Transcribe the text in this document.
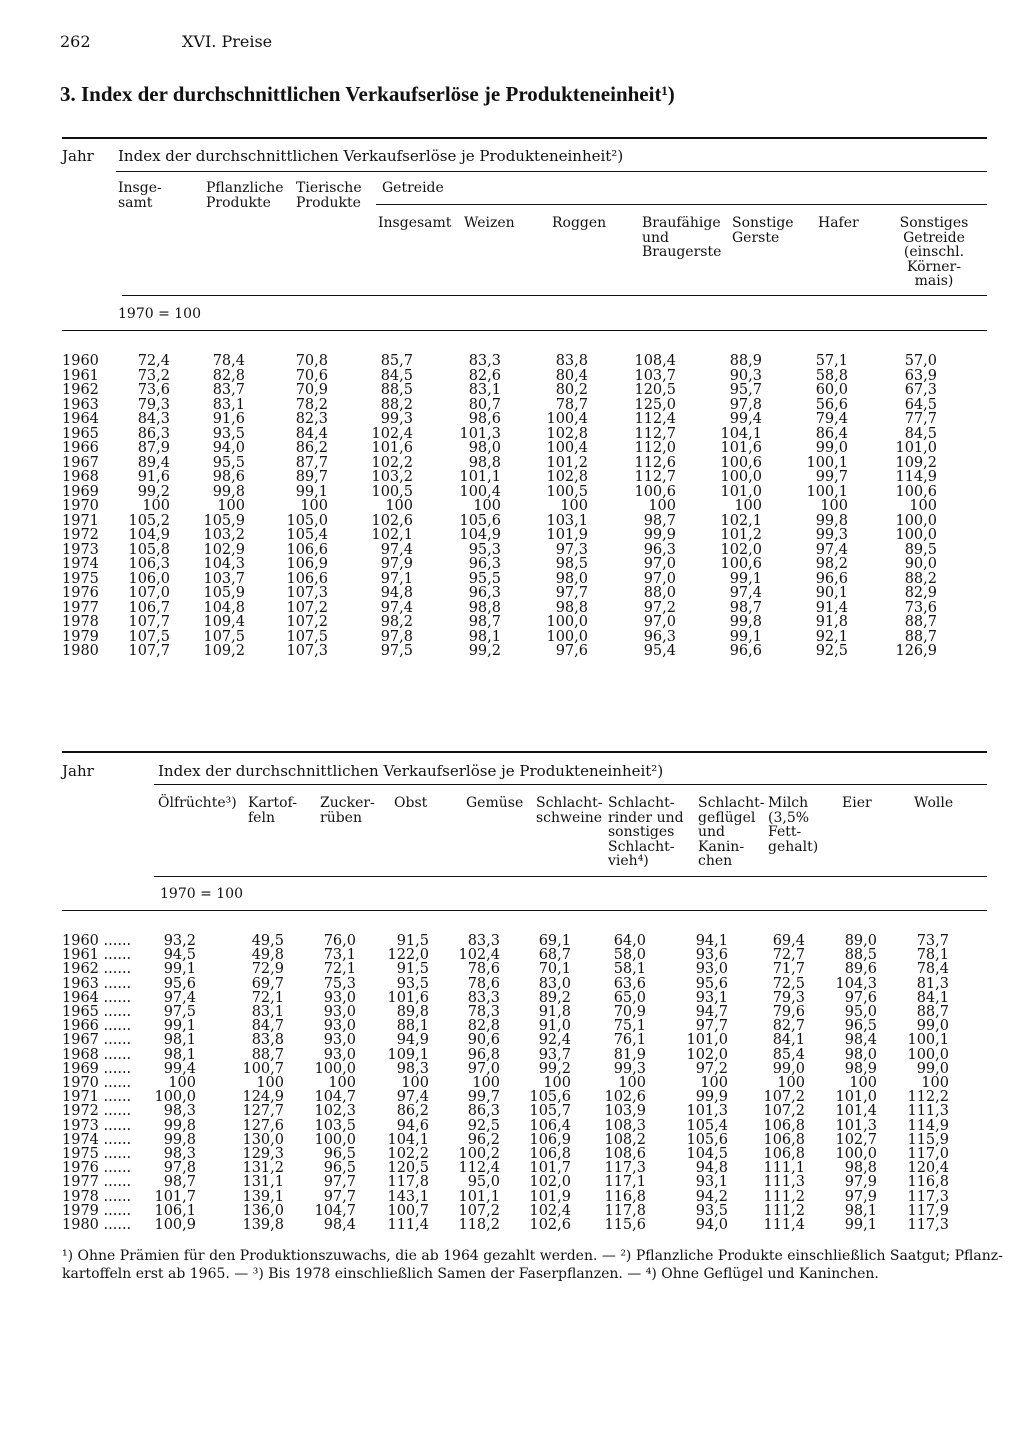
262	XVI. Preise
3. Index der durchschnittlichen Verkaufserlöse je Produkteneinheit¹)
Jahr Index der durchschnittlichen Verkaufserlöse je Produkteneinheit²)
Insge-
samt
Pflanzliche
Produkte
Tierische
Produkte
Getreide
Insgesamt Weizen	Roggen	Braufähige
und
Braugerste
Sonstige
Gerste
Hafer	Sonstiges
Getreide
(einschl.
Körner-
mais)
1970 = 100
1960	72,4	78,4	70,8	85,7	83,3	83,8	108,4	88,9	57,1	57,0
1961	73,2	82,8	70,6	84,5	82,6	80,4	103,7	90,3	58,8	63,9
1962	73,6	83,7	70,9	88,5	83,1	80,2	120,5	95,7	60,0	67,3
1963	79,3	83,1	78,2	88,2	80,7	78,7	125,0	97,8	56,6	64,5
1964	84,3	91,6	82,3	99,3	98,6	100,4	112,4	99,4	79,4	77,7
1965	86,3	93,5	84,4	102,4	101,3	102,8	112,7	104,1	86,4	84,5
1966	87,9	94,0	86,2	101,6	98,0	100,4	112,0	101,6	99,0	101,0
1967	89,4	95,5	87,7	102,2	98,8	101,2	112,6	100,6	100,1	109,2
1968	91,6	98,6	89,7	103,2	101,1	102,8	112,7	100,0	99,7	114,9
1969	99,2	99,8	99,1	100,5	100,4	100,5	100,6	101,0	100,1	100,6
1970	100	100	100	100	100	100	100	100	100	100
1971	105,2	105,9	105,0	102,6	105,6	103,1	98,7	102,1	99,8	100,0
1972	104,9	103,2	105,4	102,1	104,9	101,9	99,9	101,2	99,3	100,0
1973	105,8	102,9	106,6	97,4	95,3	97,3	96,3	102,0	97,4	89,5
1974	106,3	104,3	106,9	97,9	96,3	98,5	97,0	100,6	98,2	90,0
1975	106,0	103,7	106,6	97,1	95,5	98,0	97,0	99,1	96,6	88,2
1976	107,0	105,9	107,3	94,8	96,3	97,7	88,0	97,4	90,1	82,9
1977	106,7	104,8	107,2	97,4	98,8	98,8	97,2	98,7	91,4	73,6
1978	107,7	109,4	107,2	98,2	98,7	100,0	97,0	99,8	91,8	88,7
1979	107,5	107,5	107,5	97,8	98,1	100,0	96,3	99,1	92,1	88,7
1980	107,7	109,2	107,3	97,5	99,2	97,6	95,4	96,6	92,5	126,9
Jahr	Index der durchschnittlichen Verkaufserlöse je Produkteneinheit²)
Ölfrüchte³) Kartof-
feln
Zucker-
rüben
Obst	Gemüse Schlacht-
schweine
Schlacht-
rinder und
sonstiges
Schlacht-
vieh⁴)
Schlacht-
geflügel
und
Kanin-
chen
Milch
(3,5%
Fett-
gehalt)
Eier	Wolle
1970 = 100
1960 ......	93,2	49,5	76,0	91,5	83,3	69,1	64,0	94,1	69,4	89,0	73,7
1961 ......	94,5	49,8	73,1	122,0	102,4	68,7	58,0	93,6	72,7	88,5	78,1
1962 ......	99,1	72,9	72,1	91,5	78,6	70,1	58,1	93,0	71,7	89,6	78,4
1963 ......	95,6	69,7	75,3	93,5	78,6	83,0	63,6	95,6	72,5	104,3	81,3
1964 ......	97,4	72,1	93,0	101,6	83,3	89,2	65,0	93,1	79,3	97,6	84,1
1965 ......	97,5	83,1	93,0	89,8	78,3	91,8	70,9	94,7	79,6	95,0	88,7
1966 ......	99,1	84,7	93,0	88,1	82,8	91,0	75,1	97,7	82,7	96,5	99,0
1967 ......	98,1	83,8	93,0	94,9	90,6	92,4	76,1	101,0	84,1	98,4	100,1
1968 ......	98,1	88,7	93,0	109,1	96,8	93,7	81,9	102,0	85,4	98,0	100,0
1969 ......	99,4	100,7	100,0	98,3	97,0	99,2	99,3	97,2	99,0	98,9	99,0
1970 ......	100	100	100	100	100	100	100	100	100	100	100
1971 ......	100,0	124,9	104,7	97,4	99,7	105,6	102,6	99,9	107,2	101,0	112,2
1972 ......	98,3	127,7	102,3	86,2	86,3	105,7	103,9	101,3	107,2	101,4	111,3
1973 ......	99,8	127,6	103,5	94,6	92,5	106,4	108,3	105,4	106,8	101,3	114,9
1974 ......	99,8	130,0	100,0	104,1	96,2	106,9	108,2	105,6	106,8	102,7	115,9
1975 ......	98,3	129,3	96,5	102,2	100,2	106,8	108,6	104,5	106,8	100,0	117,0
1976 ......	97,8	131,2	96,5	120,5	112,4	101,7	117,3	94,8	111,1	98,8	120,4
1977 ......	98,7	131,1	97,7	117,8	95,0	102,0	117,1	93,1	111,3	97,9	116,8
1978 ......	101,7	139,1	97,7	143,1	101,1	101,9	116,8	94,2	111,2	97,9	117,3
1979 ......	106,1	136,0	104,7	100,7	107,2	102,4	117,8	93,5	111,2	98,1	117,9
1980 ......	100,9	139,8	98,4	111,4	118,2	102,6	115,6	94,0	111,4	99,1	117,3
¹) Ohne Prämien für den Produktionszuwachs, die ab 1964 gezahlt werden. — ²) Pflanzliche Produkte einschließlich Saatgut; Pflanz-
kartoffeln erst ab 1965. — ³) Bis 1978 einschließlich Samen der Faserpflanzen. — ⁴) Ohne Geflügel und Kaninchen.
